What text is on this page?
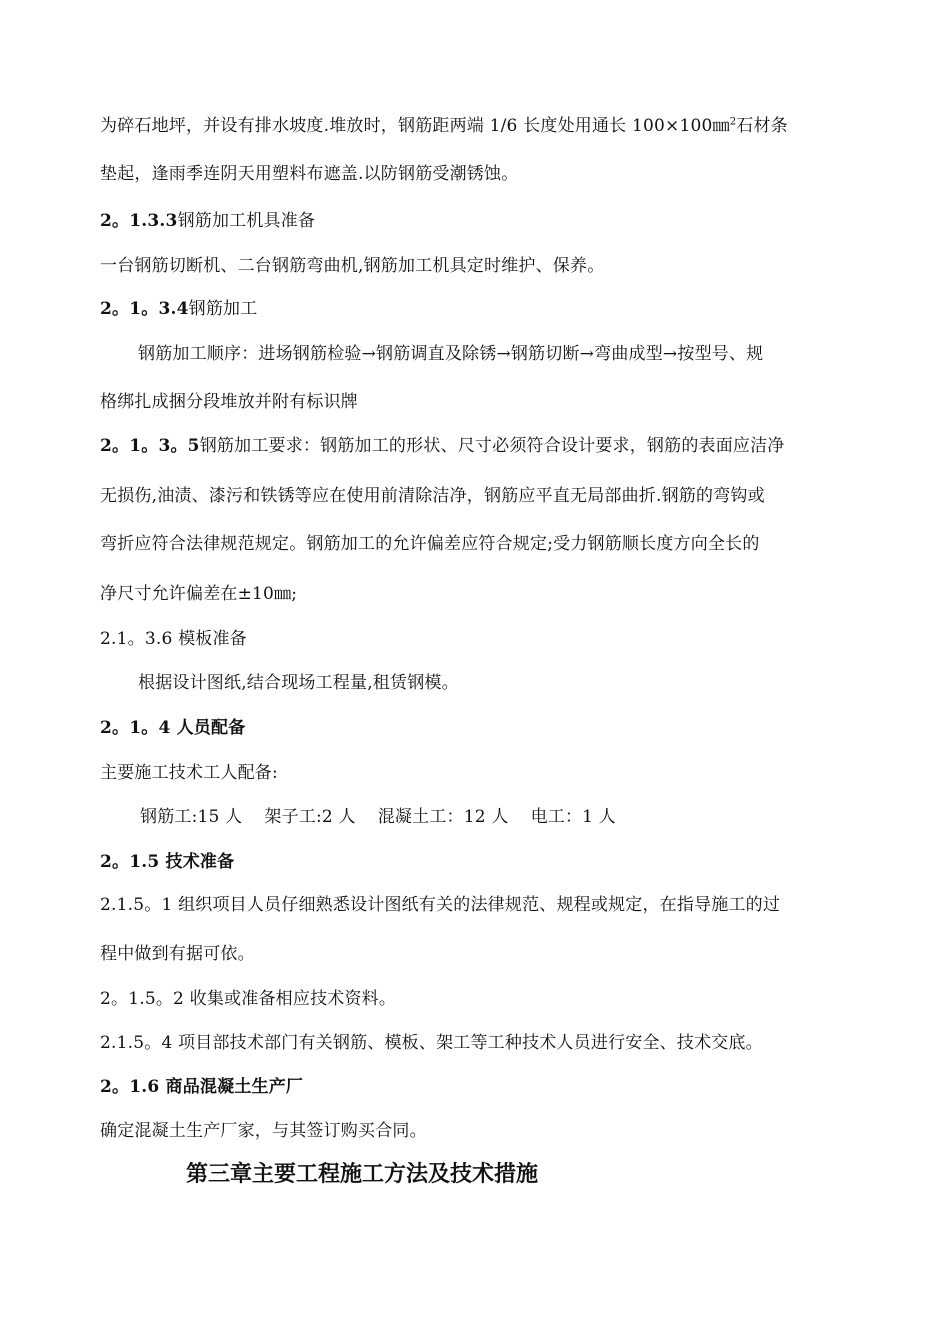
为碎石地坪，并设有排水坡度.堆放时，钢筋距两端 1/6 长度处用通长 100×100㎜$^2$石材条
垫起，逢雨季连阴天用塑料布遮盖.以防钢筋受潮锈蚀。
2。1.3.3钢筋加工机具准备
一台钢筋切断机、二台钢筋弯曲机,钢筋加工机具定时维护、保养。
2。1。3.4钢筋加工
钢筋加工顺序：进场钢筋检验→钢筋调直及除锈→钢筋切断→弯曲成型→按型号、规
格绑扎成捆分段堆放并附有标识牌
2。1。3。5钢筋加工要求：钢筋加工的形状、尺寸必须符合设计要求，钢筋的表面应洁净
无损伤,油渍、漆污和铁锈等应在使用前清除洁净，钢筋应平直无局部曲折.钢筋的弯钩或
弯折应符合法律规范规定。钢筋加工的允许偏差应符合规定;受力钢筋顺长度方向全长的
净尺寸允许偏差在±10㎜;
2.1。3.6 模板准备
根据设计图纸,结合现场工程量,租赁钢模。
2。1。4 人员配备
主要施工技术工人配备:
钢筋工:15 人 架子工:2 人 混凝土工：12 人 电工：1 人
2。1.5 技术准备
2.1.5。1 组织项目人员仔细熟悉设计图纸有关的法律规范、规程或规定，在指导施工的过
程中做到有据可依。
2。1.5。2 收集或准备相应技术资料。
2.1.5。4 项目部技术部门有关钢筋、模板、架工等工种技术人员进行安全、技术交底。
2。1.6 商品混凝土生产厂
确定混凝土生产厂家，与其签订购买合同。
第三章主要工程施工方法及技术措施
